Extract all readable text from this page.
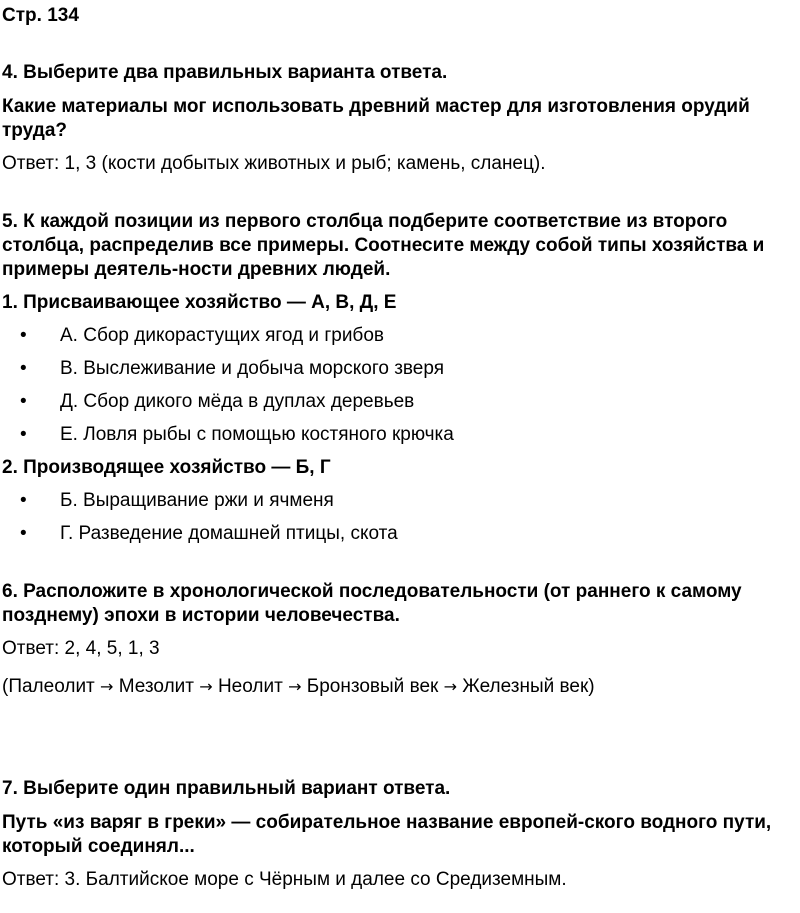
Стр. 134

4. Выберите два правильных варианта ответа.

Какие материалы мог использовать древний мастер для изготовления орудий труда?

Ответ: 1, 3 (кости добытых животных и рыб; камень, сланец).

5. К каждой позиции из первого столбца подберите соответствие из второго столбца, распределив все примеры. Соотнесите между собой типы хозяйства и примеры деятель-ности древних людей.

1. Присваивающее хозяйство — А, В, Д, Е

• А. Сбор дикорастущих ягод и грибов
• В. Выслеживание и добыча морского зверя
• Д. Сбор дикого мёда в дуплах деревьев
• Е. Ловля рыбы с помощью костяного крючка

2. Производящее хозяйство — Б, Г

• Б. Выращивание ржи и ячменя
• Г. Разведение домашней птицы, скота

6. Расположите в хронологической последовательности (от раннего к самому позднему) эпохи в истории человечества.

Ответ: 2, 4, 5, 1, 3

(Палеолит → Мезолит → Неолит → Бронзовый век → Железный век)

7. Выберите один правильный вариант ответа.

Путь «из варяг в греки» — собирательное название европей-ского водного пути, который соединял...

Ответ: 3. Балтийское море с Чёрным и далее со Средиземным.
